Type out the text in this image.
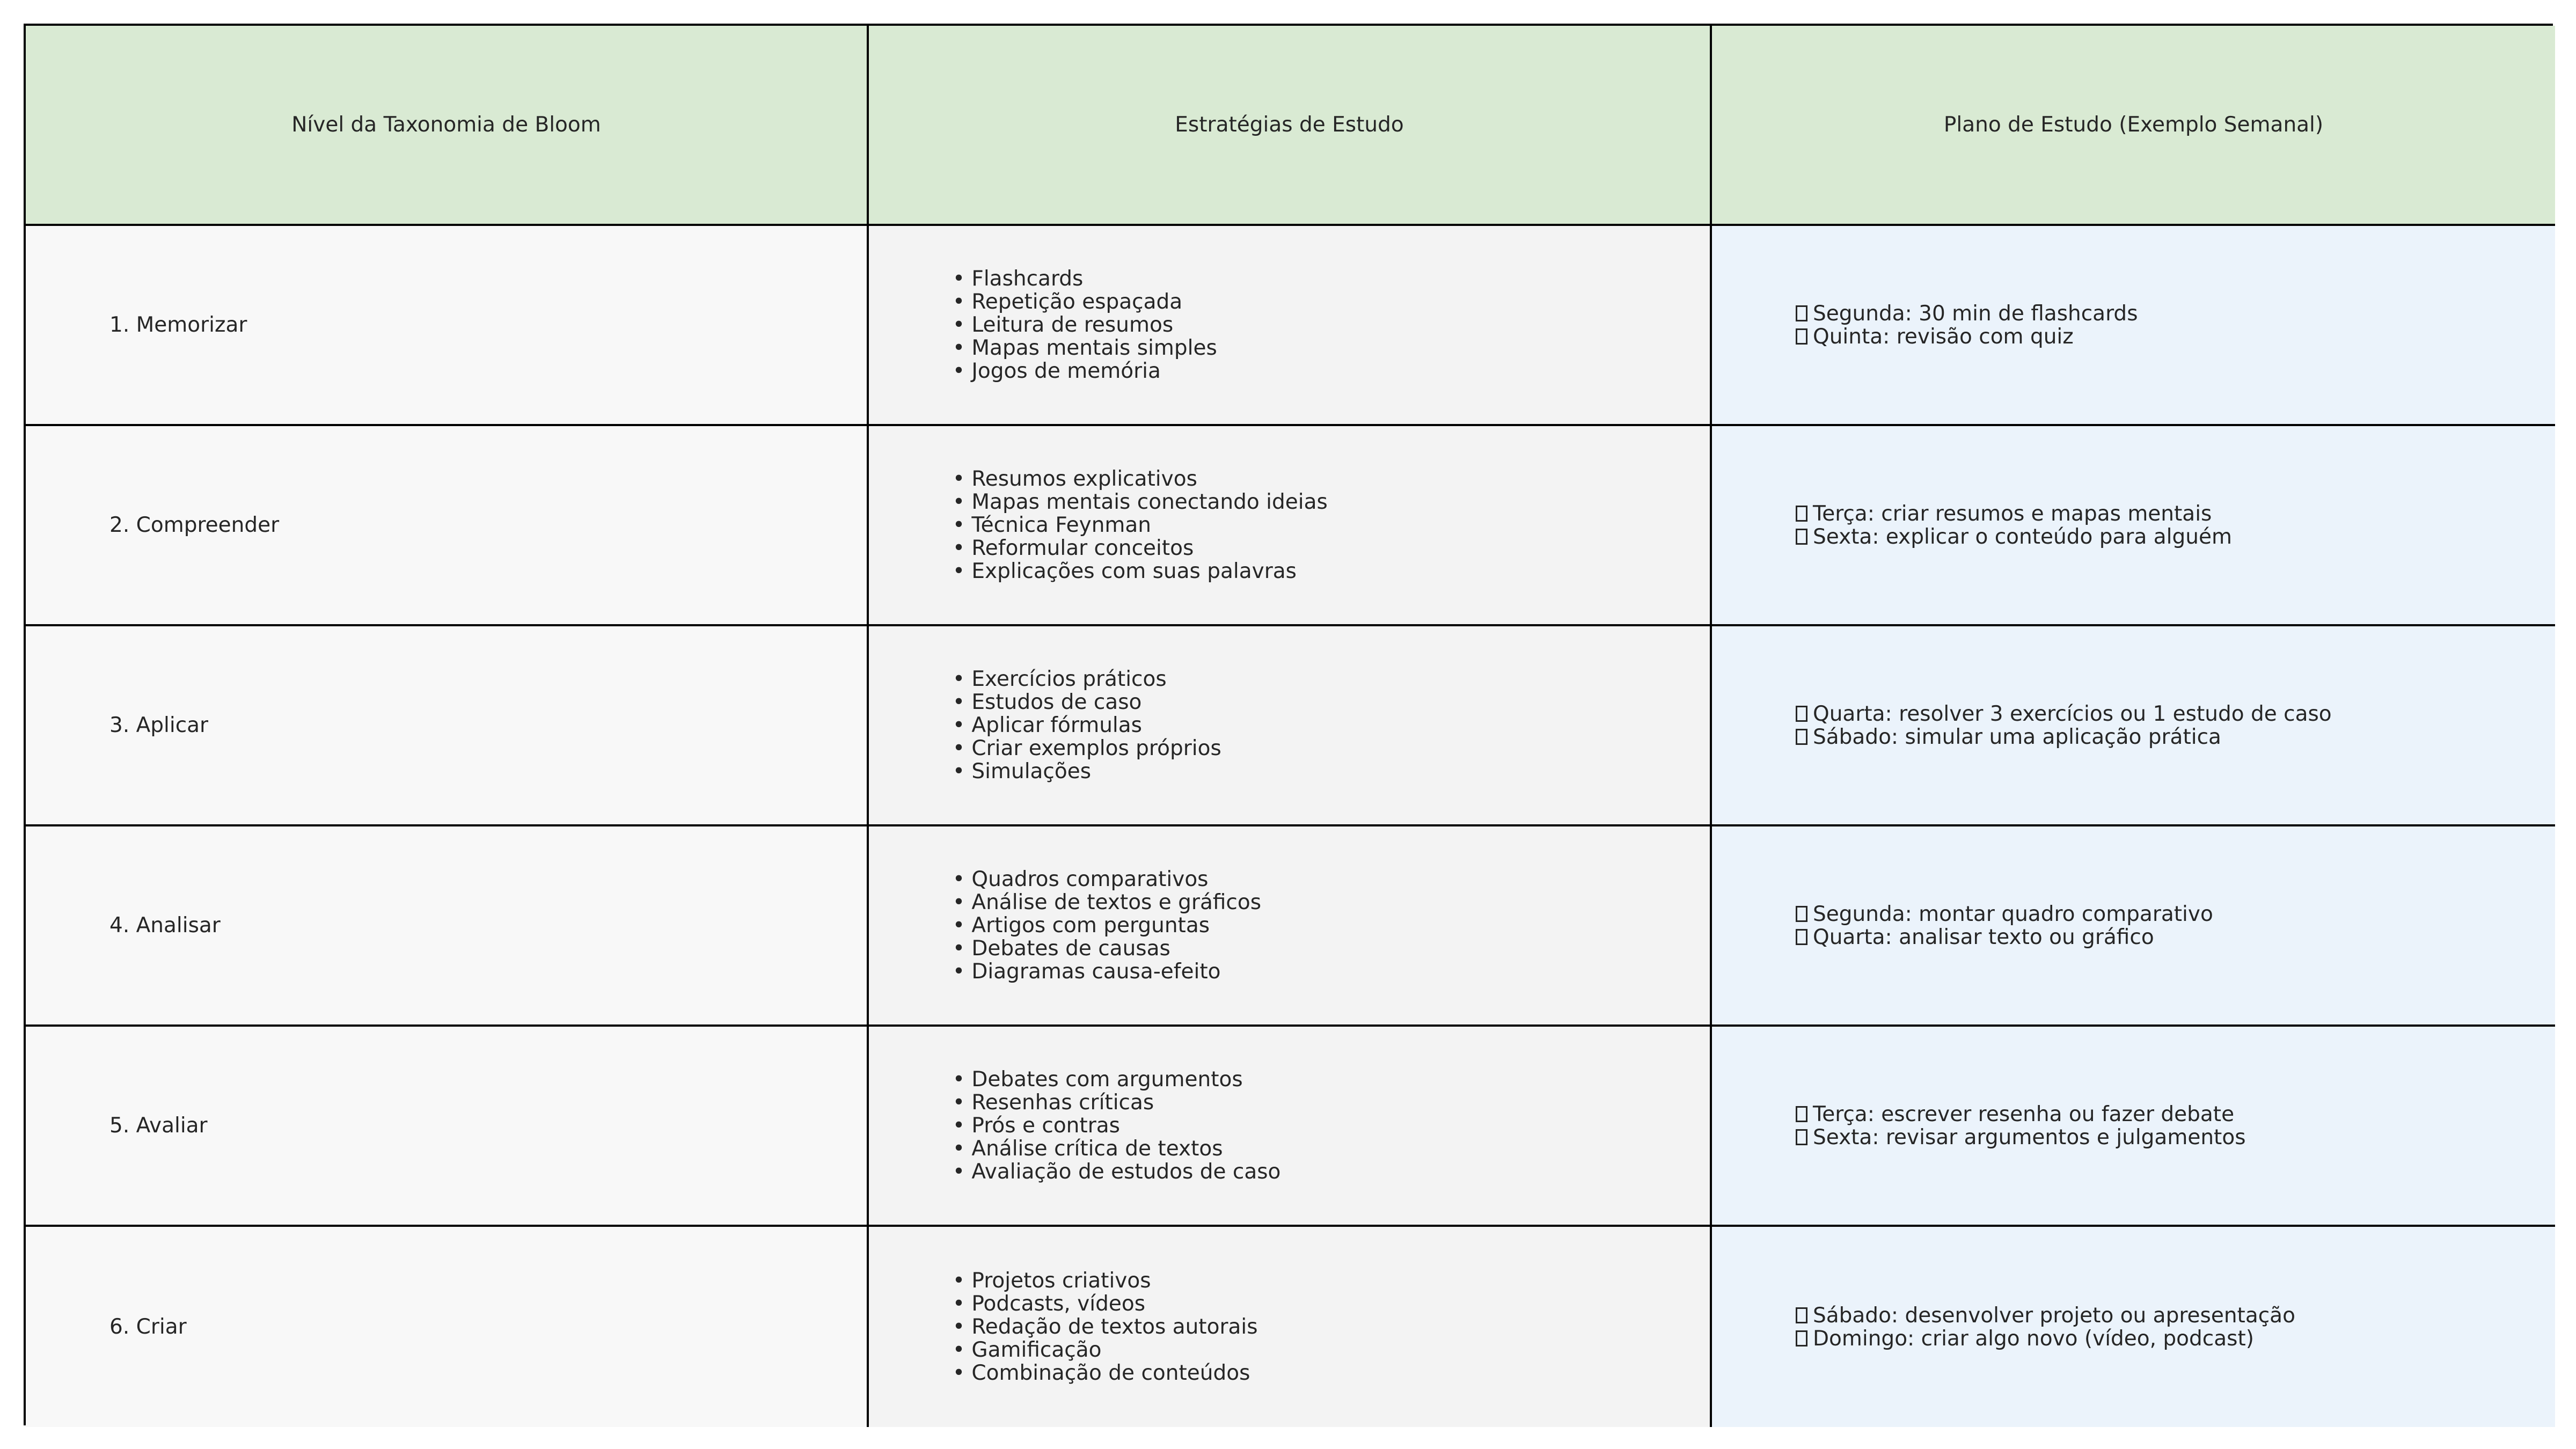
Nível da Taxonomia de Bloom	Estratégias de Estudo	Plano de Estudo (Exemplo Semanal)
1. Memorizar
• Flashcards
• Repetição espaçada
• Leitura de resumos
• Mapas mentais simples
• Jogos de memória
Segunda: 30 min de flashcards
Quinta: revisão com quiz
2. Compreender
• Resumos explicativos
• Mapas mentais conectando ideias
• Técnica Feynman
• Reformular conceitos
• Explicações com suas palavras
Terça: criar resumos e mapas mentais
Sexta: explicar o conteúdo para alguém
3. Aplicar
• Exercícios práticos
• Estudos de caso
• Aplicar fórmulas
• Criar exemplos próprios
• Simulações
Quarta: resolver 3 exercícios ou 1 estudo de caso
Sábado: simular uma aplicação prática
4. Analisar
• Quadros comparativos
• Análise de textos e gráficos
• Artigos com perguntas
• Debates de causas
• Diagramas causa-efeito
Segunda: montar quadro comparativo
Quarta: analisar texto ou gráfico
5. Avaliar
• Debates com argumentos
• Resenhas críticas
• Prós e contras
• Análise crítica de textos
• Avaliação de estudos de caso
Terça: escrever resenha ou fazer debate
Sexta: revisar argumentos e julgamentos
6. Criar
• Projetos criativos
• Podcasts, vídeos
• Redação de textos autorais
• Gamificação
• Combinação de conteúdos
Sábado: desenvolver projeto ou apresentação
Domingo: criar algo novo (vídeo, podcast)
